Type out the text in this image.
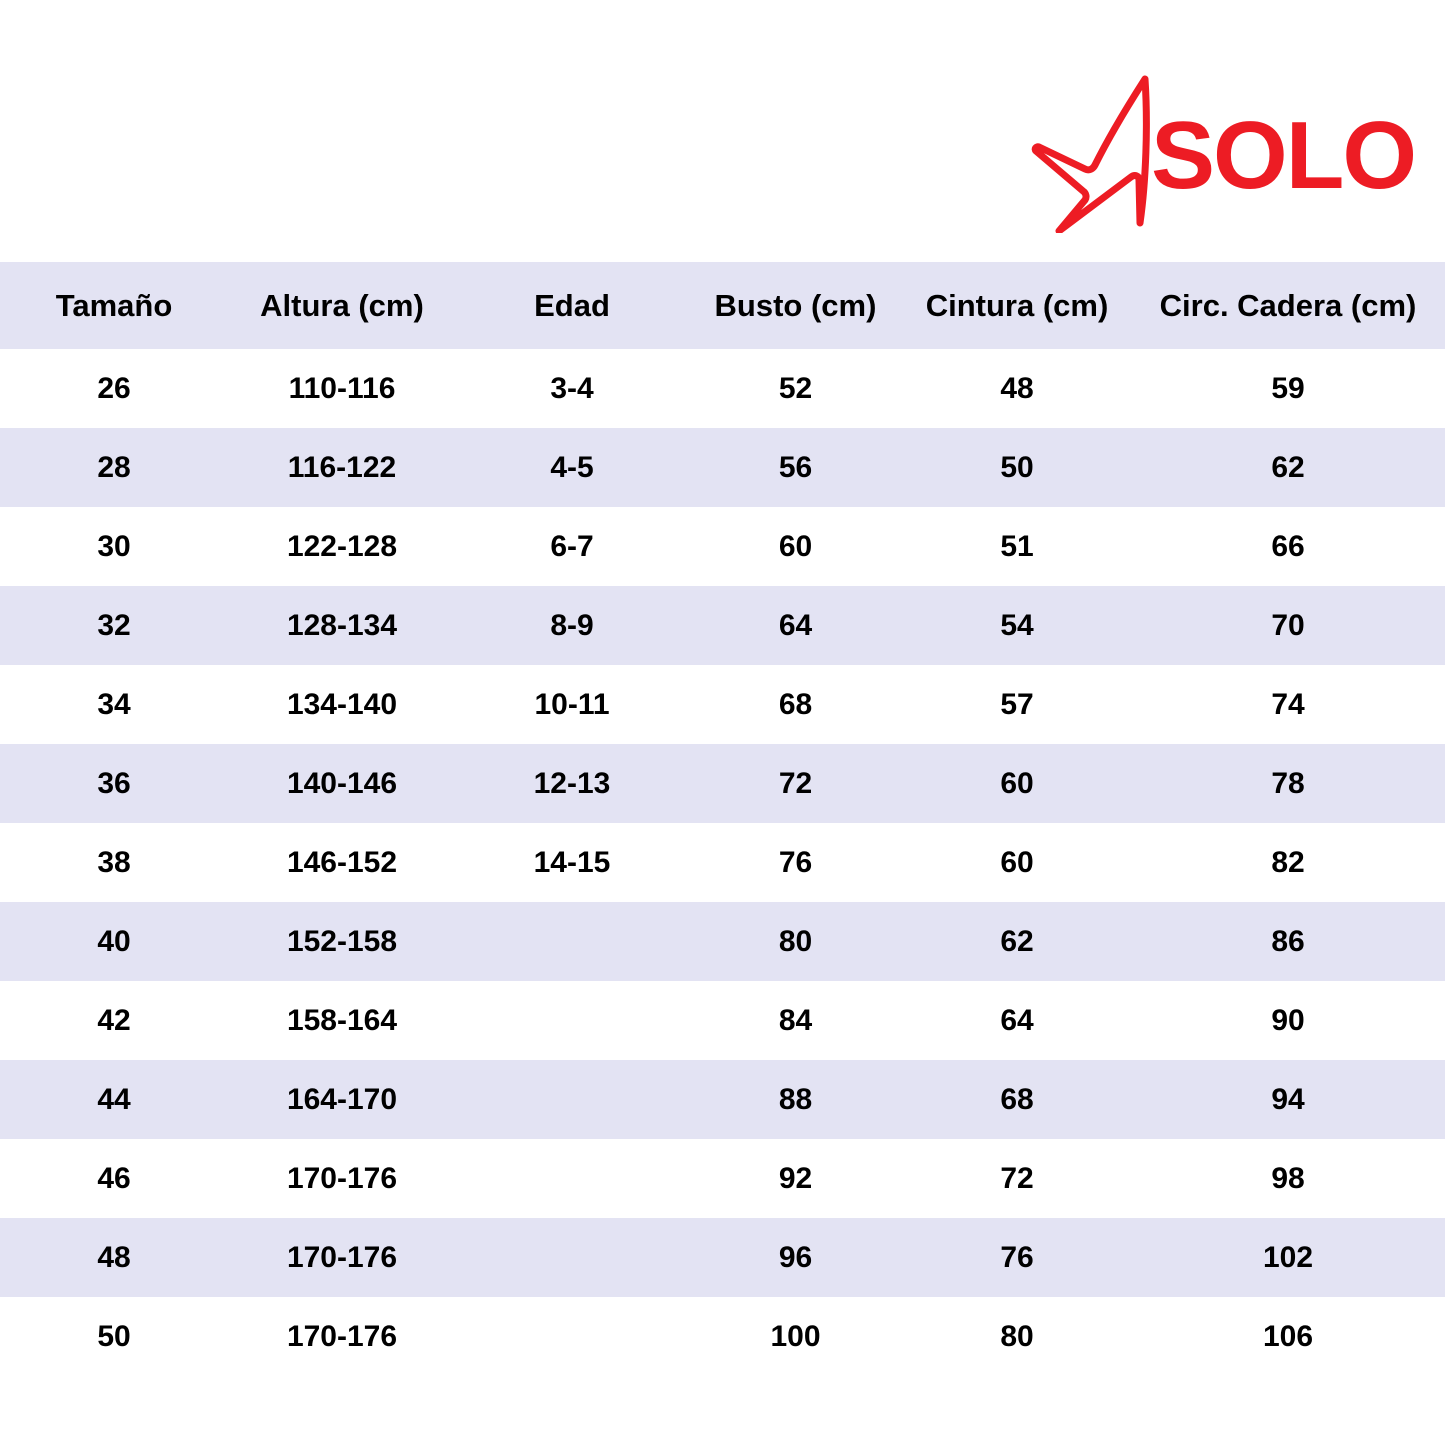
SOLO
Tamaño	Altura (cm)	Edad	Busto (cm)	Cintura (cm)	Circ. Cadera (cm)
26	110-116	3-4	52	48	59
28	116-122	4-5	56	50	62
30	122-128	6-7	60	51	66
32	128-134	8-9	64	54	70
34	134-140	10-11	68	57	74
36	140-146	12-13	72	60	78
38	146-152	14-15	76	60	82
40	152-158		80	62	86
42	158-164		84	64	90
44	164-170		88	68	94
46	170-176		92	72	98
48	170-176		96	76	102
50	170-176		100	80	106
